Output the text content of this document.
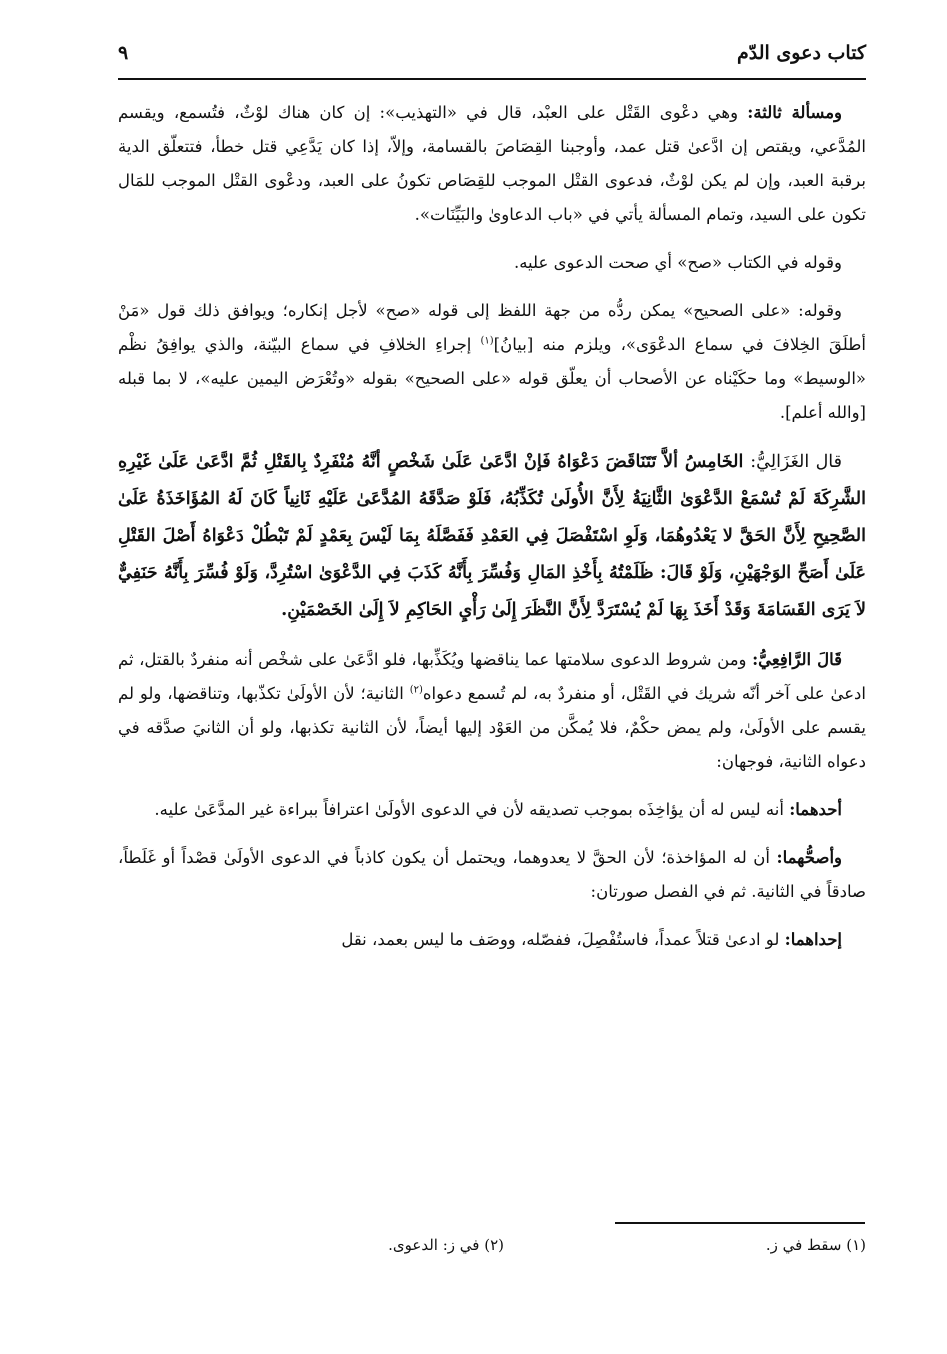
كتاب دعوى الدّم
٩

ومسألة ثالثة: وهي دعْوى القَتْل على العبْد، قال في «التهذيب»: إن كان هناك لوْثٌ، فتُسمع، ويقسم المُدَّعي، ويقتص إن ادَّعىٰ قتل عمد، وأوجبنا القِصَاصَ بالقسامة، وإلاّ، إذا كان يَدَّعِي قتل خطأ، فتتعلّق الدية برقبة العبد، وإن لم يكن لوْثٌ، فدعوى القتْل الموجب للقِصَاص تكونُ على العبد، ودعْوى القتْل الموجب للمَال تكون على السيد، وتمام المسألة يأتي في «باب الدعاوىٰ والبَيِّنَات».

وقوله في الكتاب «صح» أي صحت الدعوى عليه.

وقوله: «على الصحيح» يمكن ردُّه من جهة اللفظ إلى قوله «صح» لأجل إنكاره؛ ويوافق ذلك قول «مَنْ أطلَقَ الخِلافَ في سماع الدعْوَى»، ويلزم منه [بيانُ]$^{(١)}$ إجراءِ الخلافِ في سماع البيّنة، والذي يوافِقُ نظْم «الوسيط» وما حكَيْناه عن الأصحاب أن يعلّق قوله «على الصحيح» بقوله «وتُعْرَض اليمين عليه»، لا بما قبله [والله أعلم].

قال الغَزَالِيُّ: الخَامِسُ ألاَّ تَتَنَاقَضَ دَعْوَاهُ فَإنْ ادَّعَىٰ عَلَىٰ شَخْصٍ أنَّهُ مُنْفَرِدٌ بِالقَتْلِ ثُمَّ ادَّعَىٰ عَلَىٰ غَيْرِهِ الشَّرِكَةَ لَمْ تُسْمَعْ الدَّعْوَىٰ الثَّانِيَةُ لِأَنَّ الأُولَىٰ تُكَذِّبُهُ، فَلَوْ صَدَّقَهُ المُدَّعَىٰ عَلَيْهِ ثَانِياً كَانَ لَهُ المُؤَاخَذَةُ عَلَىٰ الصَّحِيحِ لِأَنَّ الحَقَّ لا يَعْدُوهُمَا، وَلَوِ اسْتَفْصَلَ فِي العَمْدِ فَفَصَّلَهُ بِمَا لَيْسَ بِعَمْدٍ لَمْ تَبْطُلْ دَعْوَاهُ أَصْلَ القَتْلِ عَلَىٰ أَصَحِّ الوَجْهَيْنِ، وَلَوْ قَالَ: ظَلَمْتُهُ بِأَخْذِ المَالِ وَفُسِّرَ بِأَنَّهُ كَذَبَ فِي الدَّعْوَىٰ اسْتُرِدَّ، وَلَوْ فُسِّرَ بِأَنَّهُ حَنَفِيٌّ لاَ يَرَى القَسَامَةَ وَقَدْ أَخَذَ بِهَا لَمْ يُسْتَرَدَّ لِأَنَّ النَّظَرَ إِلَىٰ رَأْيِ الحَاكِمِ لاَ إِلَىٰ الخَصْمَيْنِ.

قَالَ الرَّافِعِيُّ: ومن شروط الدعوى سلامتها عما يناقضها ويُكَذِّبها، فلو ادَّعَىٰ على شخْص أنه منفردٌ بالقتل، ثم ادعىٰ على آخر أنّه شريك في القَتْل، أو منفردٌ به، لم تُسمع دعواه$^{(٢)}$ الثانية؛ لأن الأولَىٰ تكذّبها، وتناقضها، ولو لم يقسم على الأولَىٰ، ولم يمض حكْمٌ، فلا يُمكَّن من العَوْد إليها أيضاً، لأن الثانية تكذبها، ولو أن الثانيَ صدَّقه في دعواه الثانية، فوجهان:

أحدهما: أنه ليس له أن يؤاخِذَه بموجب تصديقه لأن في الدعوى الأولَىٰ اعترافاً ببراءة غير المدَّعَىٰ عليه.

وأصحُّهما: أن له المؤاخذة؛ لأن الحقَّ لا يعدوهما، ويحتمل أن يكون كاذباً في الدعوى الأولَىٰ قصْداً أو غَلَطاً، صادقاً في الثانية. ثم في الفصل صورتان:

إحداهما: لو ادعىٰ قتلاً عمداً، فاستُفْصِلَ، ففصّله، ووصَف ما ليس بعمد، نقل

(١) سقط في ز.
(٢) في ز: الدعوى.
